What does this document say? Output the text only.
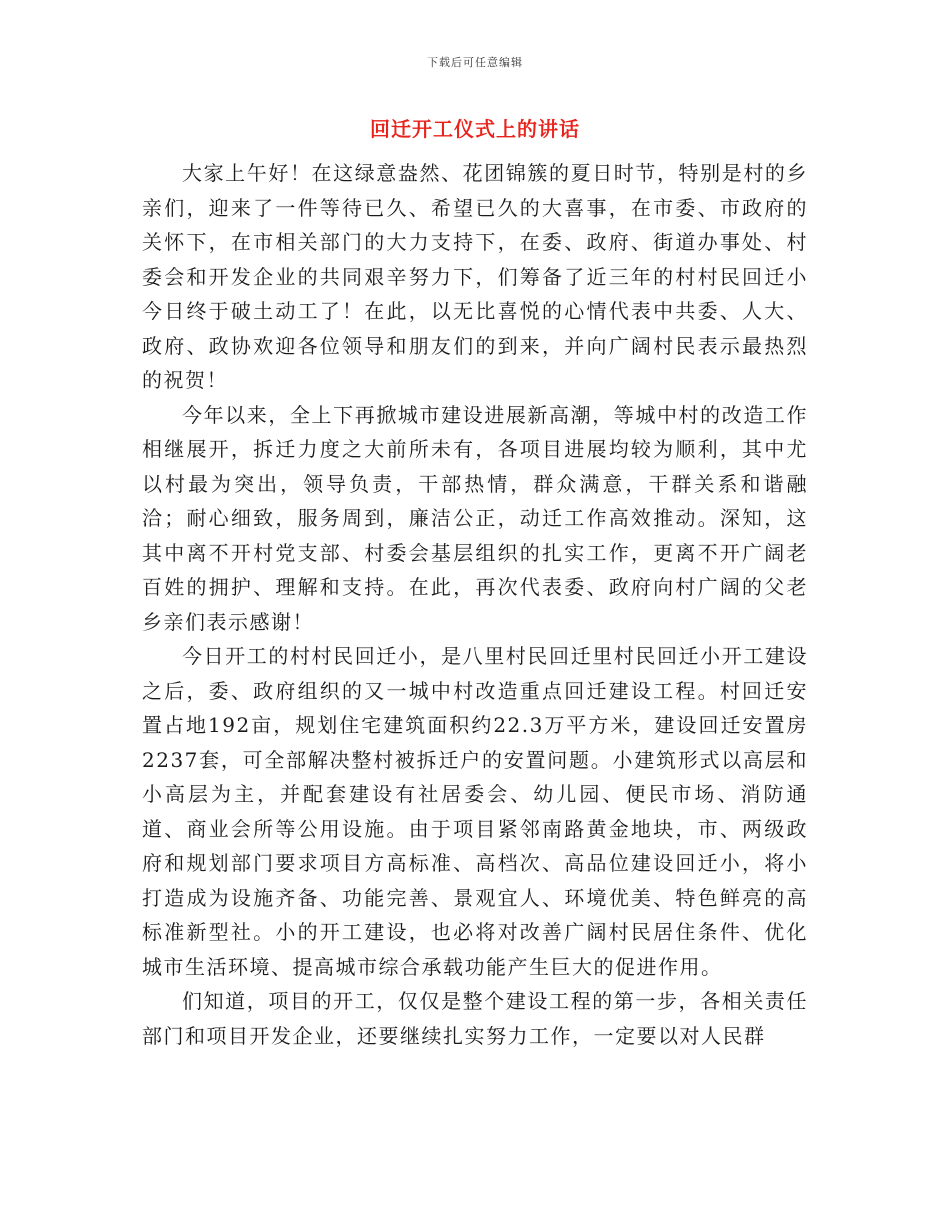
下载后可任意编辑
回迁开工仪式上的讲话

大家上午好！在这绿意盎然、花团锦簇的夏日时节，特别是村的乡亲们，迎来了一件等待已久、希望已久的大喜事，在市委、市政府的关怀下，在市相关部门的大力支持下，在委、政府、街道办事处、村委会和开发企业的共同艰辛努力下，们筹备了近三年的村村民回迁小今日终于破土动工了！在此，以无比喜悦的心情代表中共委、人大、政府、政协欢迎各位领导和朋友们的到来，并向广阔村民表示最热烈的祝贺！

今年以来，全上下再掀城市建设进展新高潮，等城中村的改造工作相继展开，拆迁力度之大前所未有，各项目进展均较为顺利，其中尤以村最为突出，领导负责，干部热情，群众满意，干群关系和谐融洽；耐心细致，服务周到，廉洁公正，动迁工作高效推动。深知，这其中离不开村党支部、村委会基层组织的扎实工作，更离不开广阔老百姓的拥护、理解和支持。在此，再次代表委、政府向村广阔的父老乡亲们表示感谢！

今日开工的村村民回迁小，是八里村民回迁里村民回迁小开工建设之后，委、政府组织的又一城中村改造重点回迁建设工程。村回迁安置占地192亩，规划住宅建筑面积约22.3万平方米，建设回迁安置房2237套，可全部解决整村被拆迁户的安置问题。小建筑形式以高层和小高层为主，并配套建设有社居委会、幼儿园、便民市场、消防通道、商业会所等公用设施。由于项目紧邻南路黄金地块，市、两级政府和规划部门要求项目方高标准、高档次、高品位建设回迁小，将小打造成为设施齐备、功能完善、景观宜人、环境优美、特色鲜亮的高标准新型社。小的开工建设，也必将对改善广阔村民居住条件、优化城市生活环境、提高城市综合承载功能产生巨大的促进作用。

们知道，项目的开工，仅仅是整个建设工程的第一步，各相关责任部门和项目开发企业，还要继续扎实努力工作，一定要以对人民群
